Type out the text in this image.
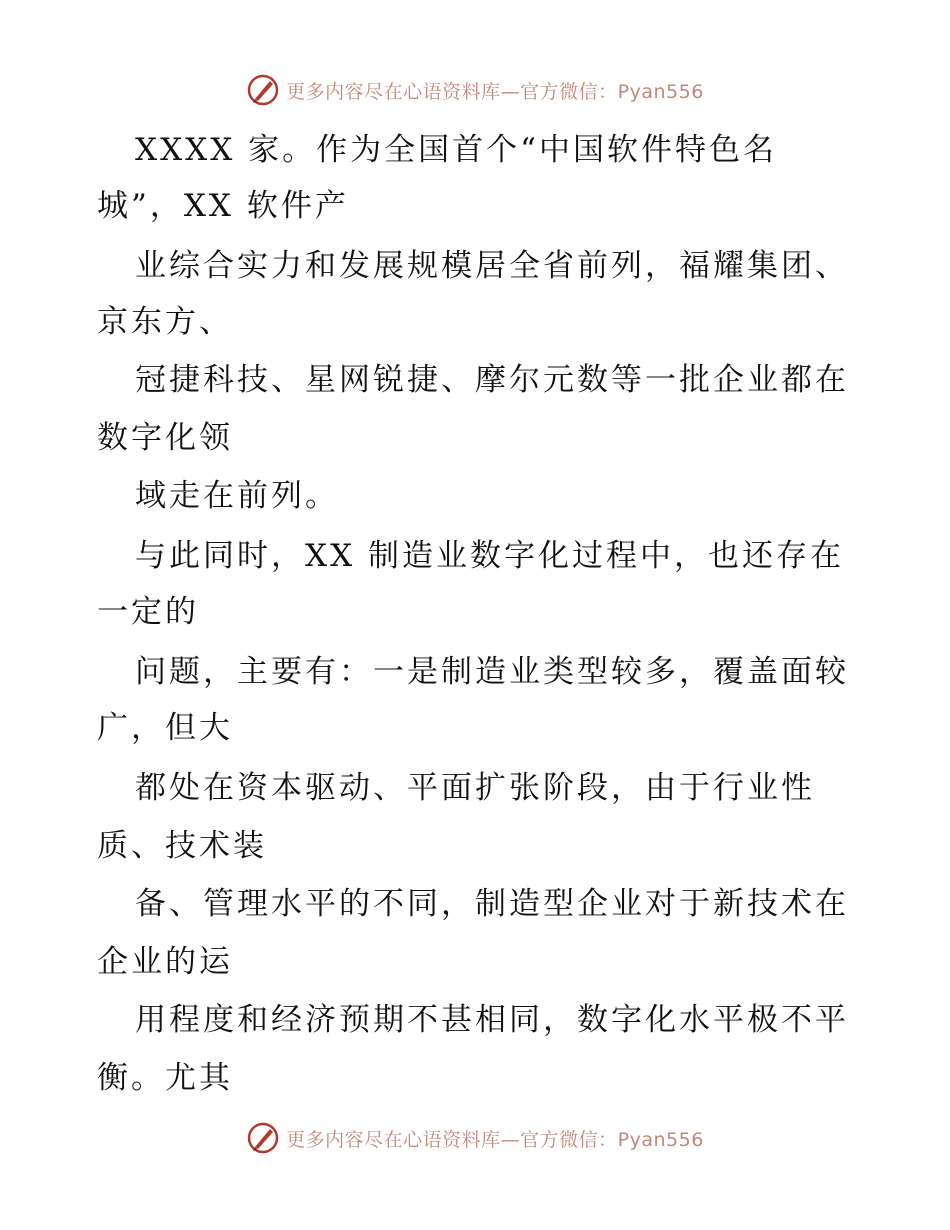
更多内容尽在心语资料库—官方微信：Pyan556
XXXX 家。作为全国首个“中国软件特色名
城”，XX 软件产
业综合实力和发展规模居全省前列，福耀集团、
京东方、
冠捷科技、星网锐捷、摩尔元数等一批企业都在
数字化领
域走在前列。
与此同时，XX 制造业数字化过程中，也还存在
一定的
问题，主要有：一是制造业类型较多，覆盖面较
广，但大
都处在资本驱动、平面扩张阶段，由于行业性
质、技术装
备、管理水平的不同，制造型企业对于新技术在
企业的运
用程度和经济预期不甚相同，数字化水平极不平
衡。尤其
更多内容尽在心语资料库—官方微信：Pyan556
